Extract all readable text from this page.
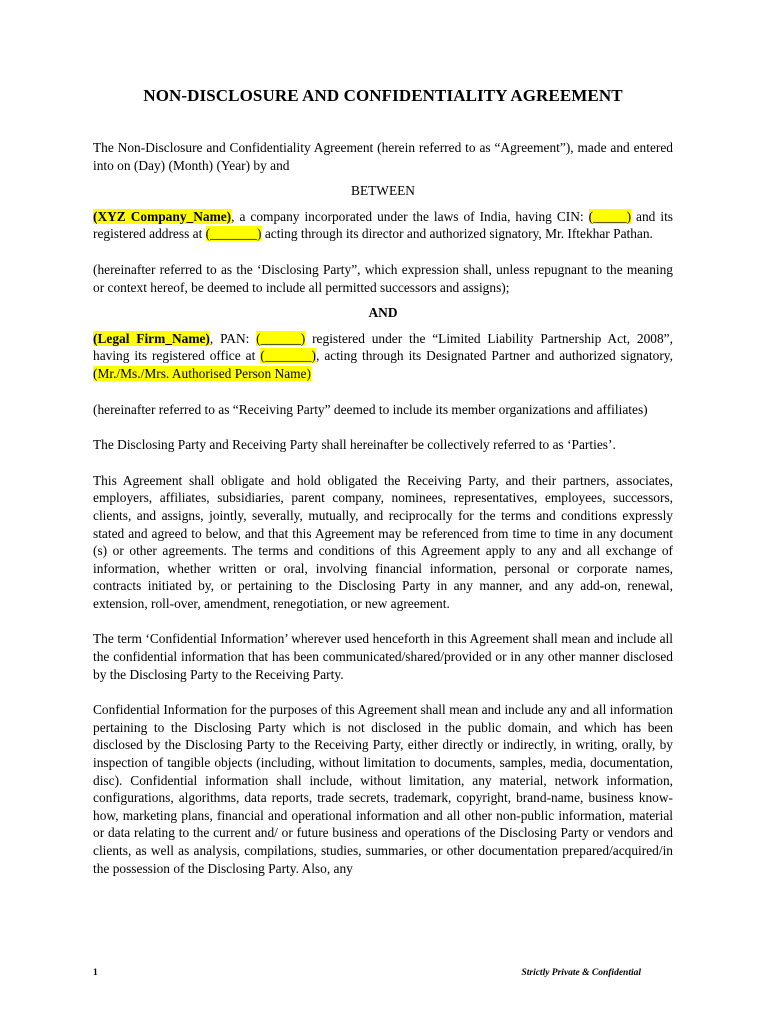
NON-DISCLOSURE AND CONFIDENTIALITY AGREEMENT

The Non-Disclosure and Confidentiality Agreement (herein referred to as “Agreement”), made and entered into on (Day) (Month) (Year) by and

BETWEEN

(XYZ Company_Name), a company incorporated under the laws of India, having CIN: (_____) and its registered address at (_______) acting through its director and authorized signatory, Mr. Iftekhar Pathan.

(hereinafter referred to as the ‘Disclosing Party”, which expression shall, unless repugnant to the meaning or context hereof, be deemed to include all permitted successors and assigns);

AND

(Legal Firm_Name), PAN: (______) registered under the “Limited Liability Partnership Act, 2008”, having its registered office at (_______), acting through its Designated Partner and authorized signatory, (Mr./Ms./Mrs. Authorised Person Name)

(hereinafter referred to as “Receiving Party” deemed to include its member organizations and affiliates)

The Disclosing Party and Receiving Party shall hereinafter be collectively referred to as ‘Parties’.

This Agreement shall obligate and hold obligated the Receiving Party, and their partners, associates, employers, affiliates, subsidiaries, parent company, nominees, representatives, employees, successors, clients, and assigns, jointly, severally, mutually, and reciprocally for the terms and conditions expressly stated and agreed to below, and that this Agreement may be referenced from time to time in any document (s) or other agreements. The terms and conditions of this Agreement apply to any and all exchange of information, whether written or oral, involving financial information, personal or corporate names, contracts initiated by, or pertaining to the Disclosing Party in any manner, and any add-on, renewal, extension, roll-over, amendment, renegotiation, or new agreement.

The term ‘Confidential Information’ wherever used henceforth in this Agreement shall mean and include all the confidential information that has been communicated/shared/provided or in any other manner disclosed by the Disclosing Party to the Receiving Party.

Confidential Information for the purposes of this Agreement shall mean and include any and all information pertaining to the Disclosing Party which is not disclosed in the public domain, and which has been disclosed by the Disclosing Party to the Receiving Party, either directly or indirectly, in writing, orally, by inspection of tangible objects (including, without limitation to documents, samples, media, documentation, disc). Confidential information shall include, without limitation, any material, network information, configurations, algorithms, data reports, trade secrets, trademark, copyright, brand-name, business know-how, marketing plans, financial and operational information and all other non-public information, material or data relating to the current and/ or future business and operations of the Disclosing Party or vendors and clients, as well as analysis, compilations, studies, summaries, or other documentation prepared/acquired/in the possession of the Disclosing Party. Also, any

1	Strictly Private & Confidential
